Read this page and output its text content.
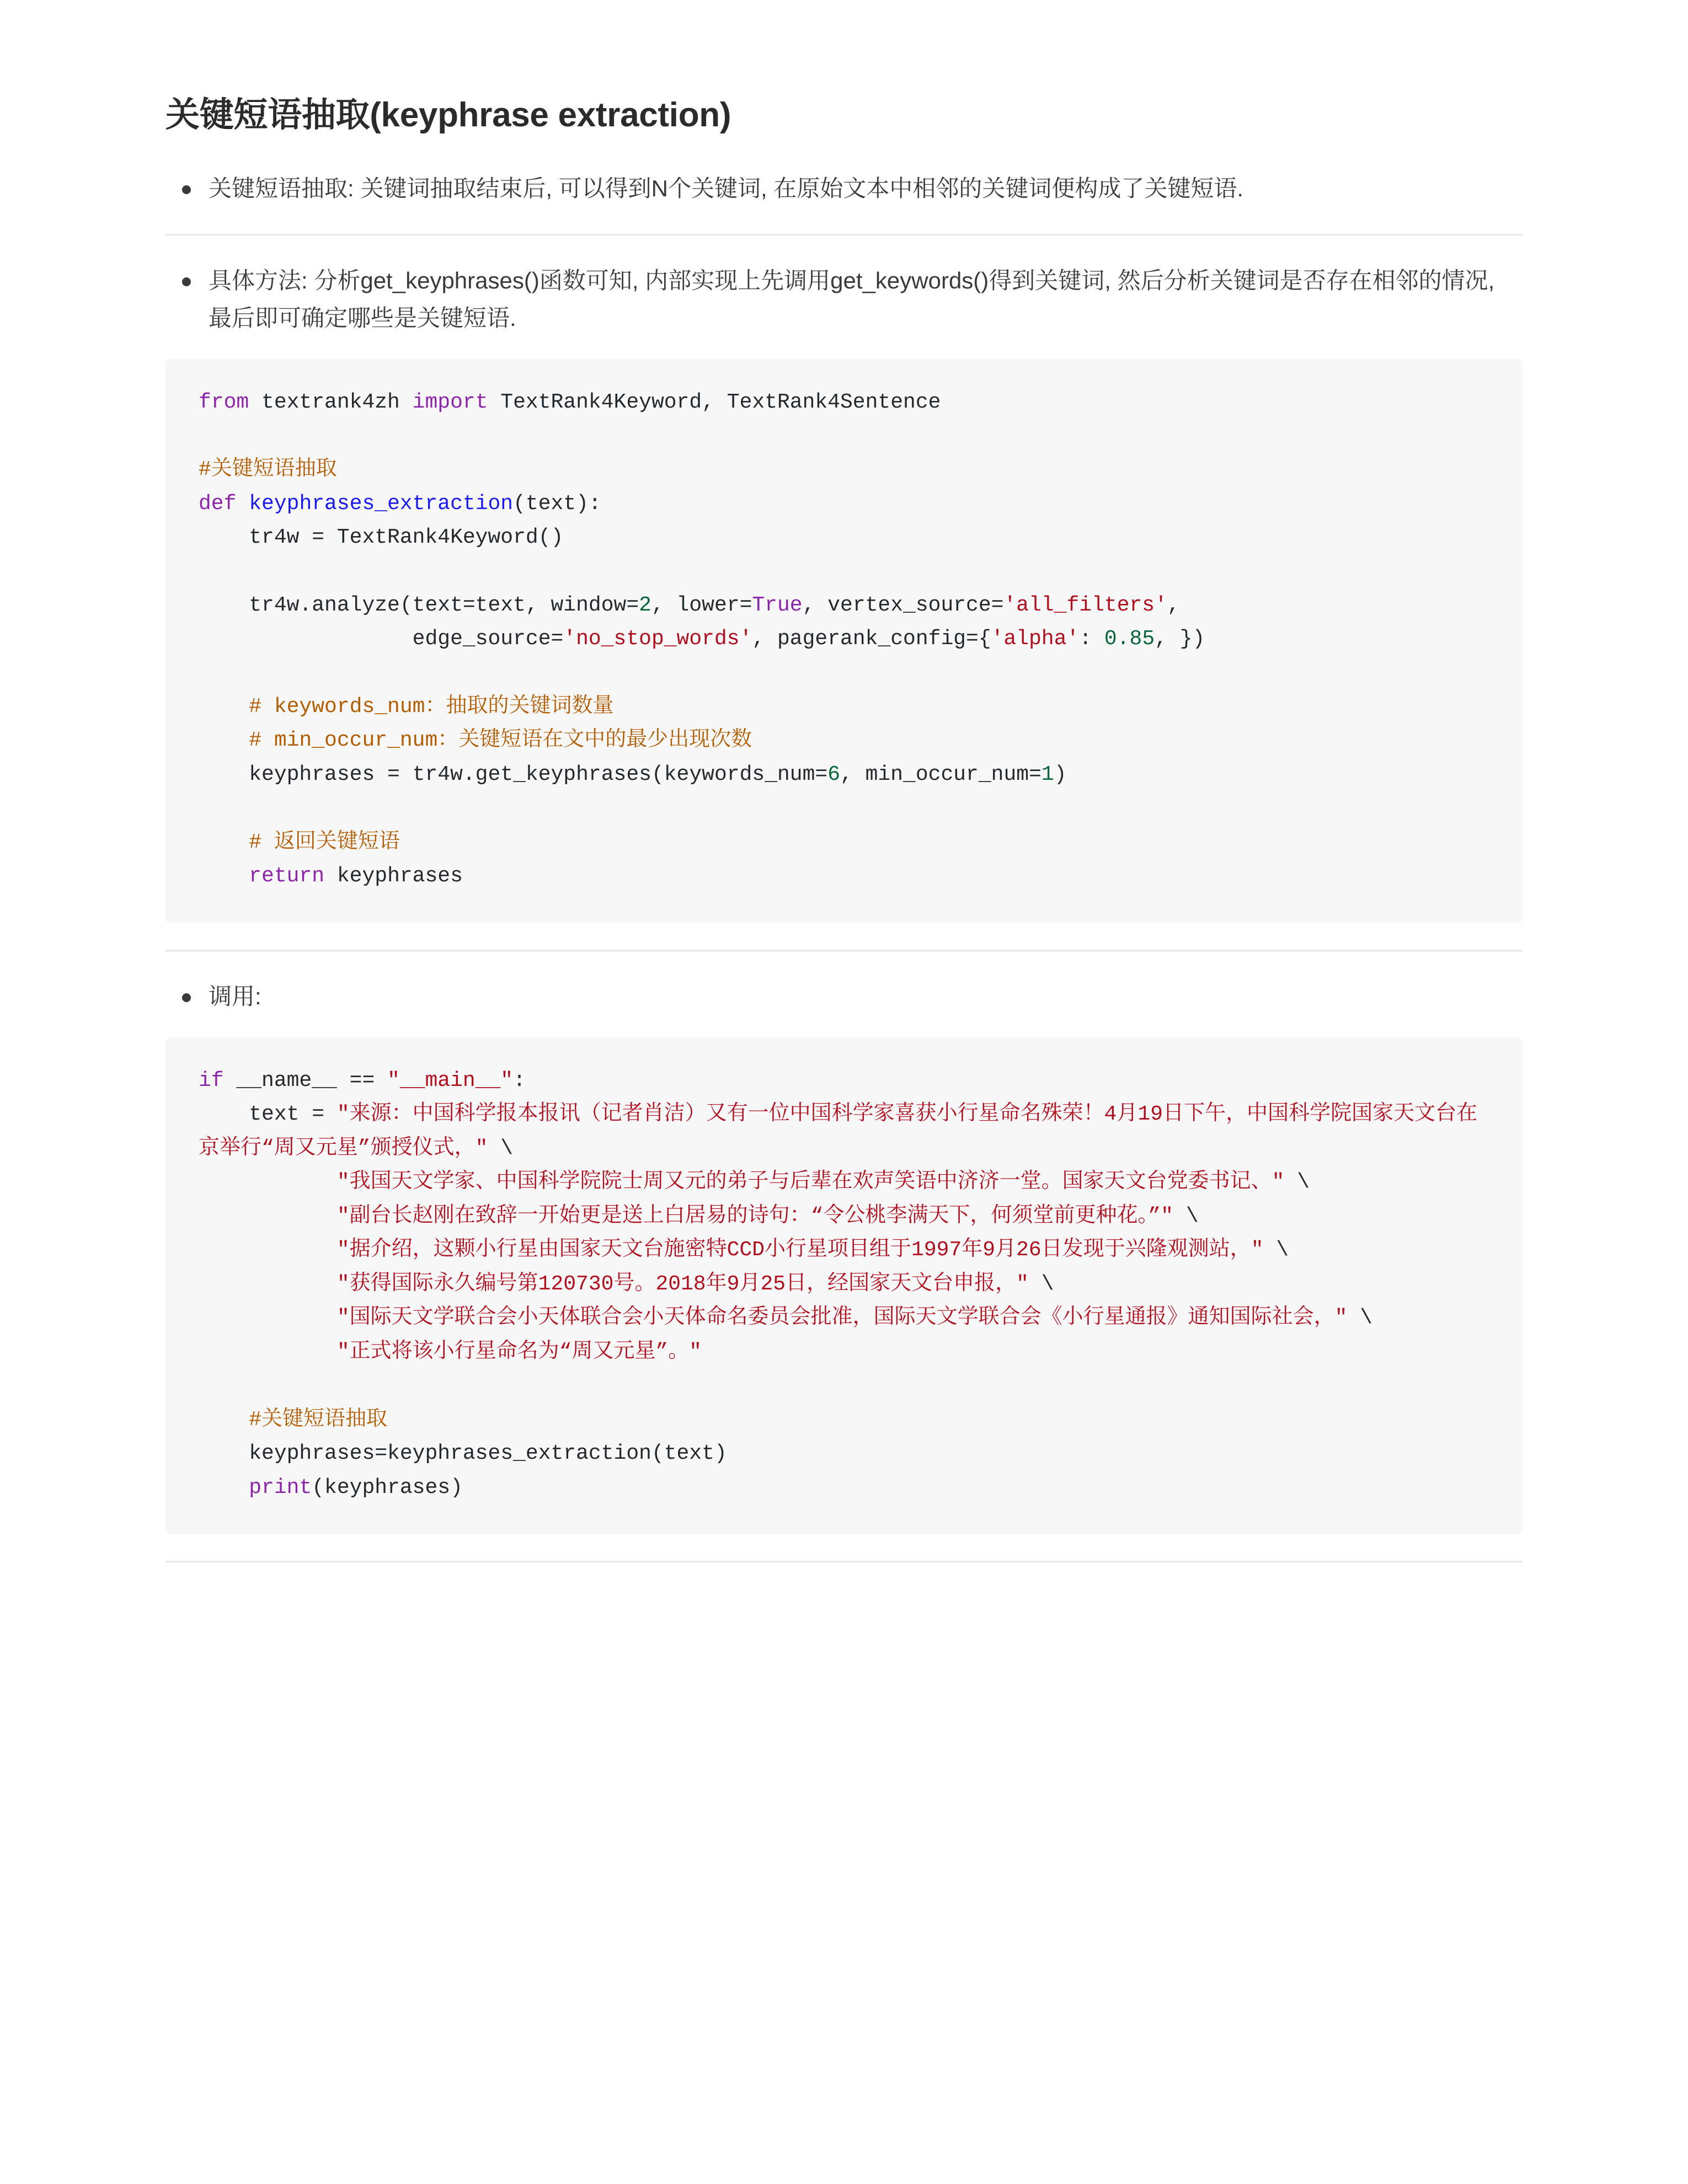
关键短语抽取(keyphrase extraction)
关键短语抽取: 关键词抽取结束后, 可以得到N个关键词, 在原始文本中相邻的关键词便构成了关键短语.
具体方法: 分析get_keyphrases()函数可知, 内部实现上先调用get_keywords()得到关键词, 然后分析关键词是否存在相邻的情况, 最后即可确定哪些是关键短语.
from textrank4zh import TextRank4Keyword, TextRank4Sentence
#关键短语抽取
def keyphrases_extraction(text):
tr4w = TextRank4Keyword()
tr4w.analyze(text=text, window=2, lower=True, vertex_source='all_filters',
edge_source='no_stop_words', pagerank_config={'alpha': 0.85, })
# keywords_num：抽取的关键词数量
# min_occur_num：关键短语在文中的最少出现次数
keyphrases = tr4w.get_keyphrases(keywords_num=6, min_occur_num=1)
# 返回关键短语
return keyphrases
调用:
if __name__ == "__main__":
text = "来源：中国科学报本报讯（记者肖洁）又有一位中国科学家喜获小行星命名殊荣！4月19日下午，中国科学院国家天文台在京举行“周又元星”颁授仪式，" \
"我国天文学家、中国科学院院士周又元的弟子与后辈在欢声笑语中济济一堂。国家天文台党委书记、" \
"副台长赵刚在致辞一开始更是送上白居易的诗句：“令公桃李满天下，何须堂前更种花。”" \
"据介绍，这颗小行星由国家天文台施密特CCD小行星项目组于1997年9月26日发现于兴隆观测站，" \
"获得国际永久编号第120730号。2018年9月25日，经国家天文台申报，" \
"国际天文学联合会小天体联合会小天体命名委员会批准，国际天文学联合会《小行星通报》通知国际社会，" \
"正式将该小行星命名为“周又元星”。"
#关键短语抽取
keyphrases=keyphrases_extraction(text)
print(keyphrases)
